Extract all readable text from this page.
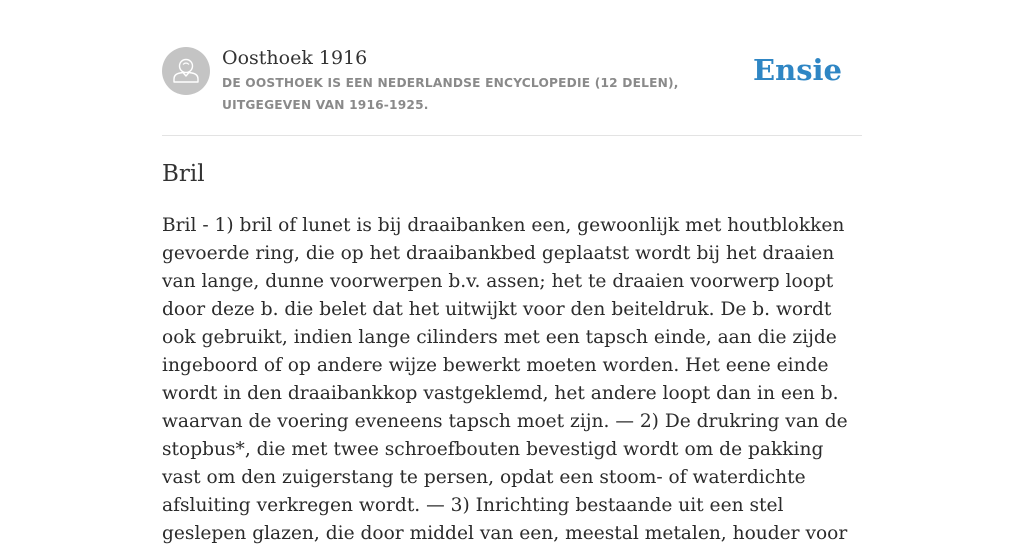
Oosthoek 1916
DE OOSTHOEK IS EEN NEDERLANDSE ENCYCLOPEDIE (12 DELEN), UITGEGEVEN VAN 1916-1925.
Ensie
Bril

Bril - 1) bril of lunet is bij draaibanken een, gewoonlijk met houtblokken gevoerde ring, die op het draaibankbed geplaatst wordt bij het draaien van lange, dunne voorwerpen b.v. assen; het te draaien voorwerp loopt door deze b. die belet dat het uitwijkt voor den beiteldruk. De b. wordt ook gebruikt, indien lange cilinders met een tapsch einde, aan die zijde ingeboord of op andere wijze bewerkt moeten worden. Het eene einde wordt in den draaibankkop vastgeklemd, het andere loopt dan in een b. waarvan de voering eveneens tapsch moet zijn. — 2) De drukring van de stopbus*, die met twee schroefbouten bevestigd wordt om de pakking vast om den zuigerstang te persen, opdat een stoom- of waterdichte afsluiting verkregen wordt. — 3) Inrichting bestaande uit een stel geslepen glazen, die door middel van een, meestal metalen, houder voor
